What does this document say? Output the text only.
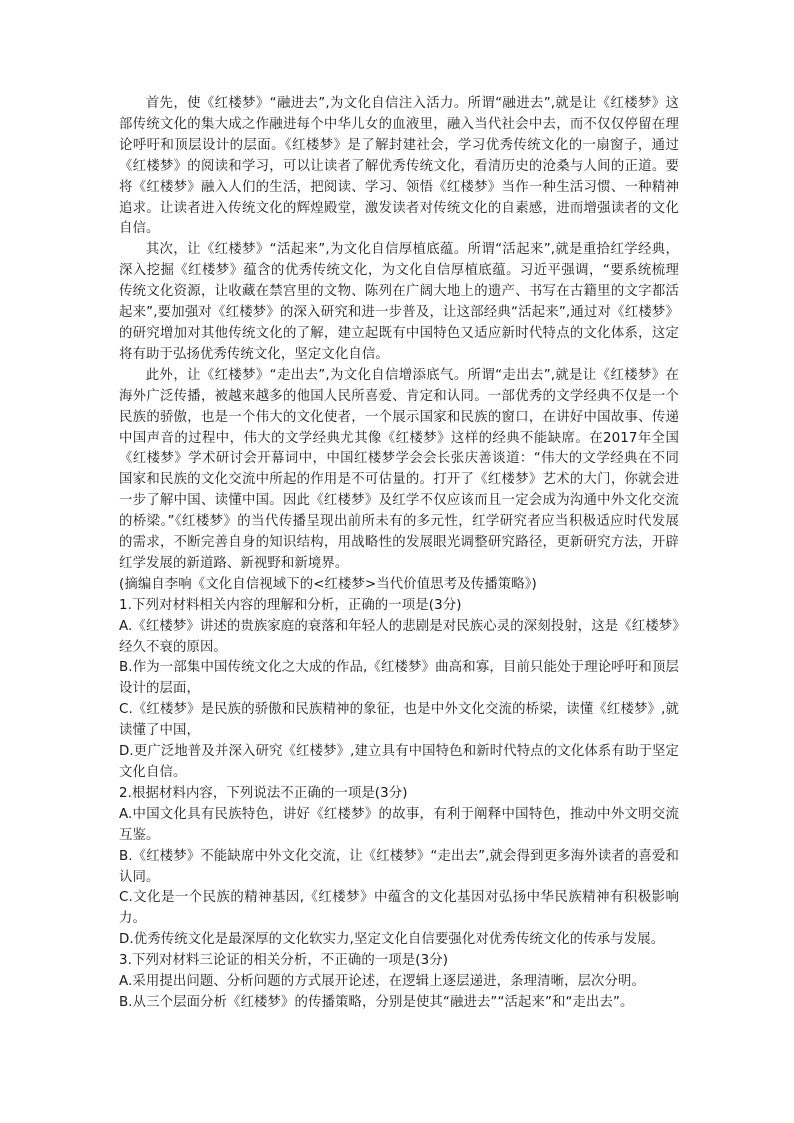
首先，使《红楼梦》“融进去”,为文化自信注入活力。所谓“融进去”,就是让《红楼梦》这部传统文化的集大成之作融进每个中华儿女的血液里，融入当代社会中去，而不仅仅停留在理论呼吁和顶层设计的层面。《红楼梦》是了解封建社会，学习优秀传统文化的一扇窗子，通过《红楼梦》的阅读和学习，可以让读者了解优秀传统文化，看清历史的沧桑与人间的正道。要将《红楼梦》融入人们的生活，把阅读、学习、领悟《红楼梦》当作一种生活习惯、一种精神追求。让读者进入传统文化的辉煌殿堂，激发读者对传统文化的自素感，进而增强读者的文化自信。

其次，让《红楼梦》“活起来”,为文化自信厚植底蕴。所谓“活起来”,就是重拾红学经典，深入挖掘《红楼梦》蕴含的优秀传统文化，为文化自信厚植底蕴。习近平强调，“要系统梳理传统文化资源，让收藏在禁宫里的文物、陈列在广阔大地上的遗产、书写在古籍里的文字都活起来”,要加强对《红楼梦》的深入研究和进一步普及，让这部经典“活起来”,通过对《红楼梦》的研究增加对其他传统文化的了解，建立起既有中国特色又适应新时代特点的文化体系，这定将有助于弘扬优秀传统文化，坚定文化自信。

此外，让《红楼梦》“走出去”,为文化自信增添底气。所谓“走出去”,就是让《红楼梦》在海外广泛传播，被越来越多的他国人民所喜爱、肯定和认同。一部优秀的文学经典不仅是一个民族的骄傲，也是一个伟大的文化使者，一个展示国家和民族的窗口，在讲好中国故事、传递中国声音的过程中，伟大的文学经典尤其像《红楼梦》这样的经典不能缺席。在2017年全国《红楼梦》学术研讨会开幕词中，中国红楼梦学会会长张庆善谈道：“伟大的文学经典在不同国家和民族的文化交流中所起的作用是不可估量的。打开了《红楼梦》艺术的大门，你就会进一步了解中国、读懂中国。因此《红楼梦》及红学不仅应该而且一定会成为沟通中外文化交流的桥梁。”《红楼梦》的当代传播呈现出前所未有的多元性，红学研究者应当积极适应时代发展的需求，不断完善自身的知识结构，用战略性的发展眼光调整研究路径，更新研究方法，开辟红学发展的新道路、新视野和新境界。

(摘编自李响《文化自信视域下的<红楼梦>当代价值思考及传播策略》)

1.下列对材料相关内容的理解和分析，正确的一项是(3分)

A.《红楼梦》讲述的贵族家庭的衰落和年轻人的悲剧是对民族心灵的深刻投射，这是《红楼梦》经久不衰的原因。

B.作为一部集中国传统文化之大成的作品,《红楼梦》曲高和寡，目前只能处于理论呼吁和顶层设计的层面，

C.《红楼梦》是民族的骄傲和民族精神的象征，也是中外文化交流的桥梁，读懂《红楼梦》,就读懂了中国，

D.更广泛地普及并深入研究《红楼梦》,建立具有中国特色和新时代特点的文化体系有助于坚定文化自信。

2.根据材料内容，下列说法不正确的一项是(3分)

A.中国文化具有民族特色，讲好《红楼梦》的故事，有利于阐释中国特色，推动中外文明交流互鉴。

B.《红楼梦》不能缺席中外文化交流，让《红楼梦》“走出去”,就会得到更多海外读者的喜爱和认同。

C.文化是一个民族的精神基因,《红楼梦》中蕴含的文化基因对弘扬中华民族精神有积极影响力。

D.优秀传统文化是最深厚的文化软实力,坚定文化自信要强化对优秀传统文化的传承与发展。

3.下列对材料三论证的相关分析，不正确的一项是(3分)

A.采用提出问题、分析问题的方式展开论述，在逻辑上逐层递进，条理清晰，层次分明。

B.从三个层面分析《红楼梦》的传播策略，分别是使其“融进去”“活起来”和“走出去”。
